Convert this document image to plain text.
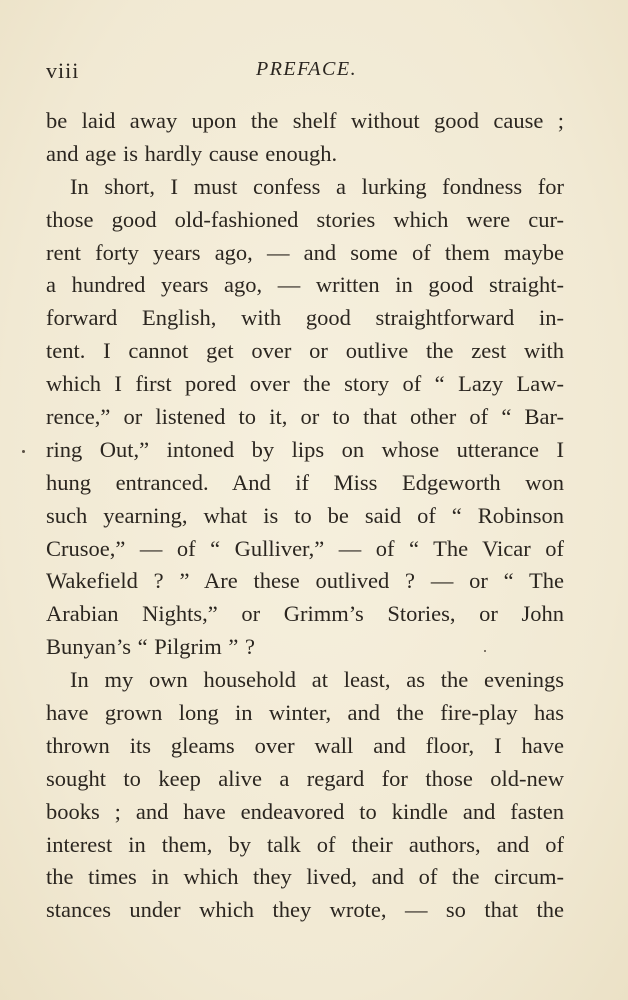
viii	PREFACE.
be laid away upon the shelf without good cause ;
and age is hardly cause enough.
In short, I must confess a lurking fondness for
those good old-fashioned stories which were cur-
rent forty years ago, — and some of them maybe
a hundred years ago, — written in good straight-
forward English, with good straightforward in-
tent. I cannot get over or outlive the zest with
which I first pored over the story of “ Lazy Law-
rence,” or listened to it, or to that other of “ Bar-
ring Out,” intoned by lips on whose utterance I
hung entranced. And if Miss Edgeworth won
such yearning, what is to be said of “ Robinson
Crusoe,” — of “ Gulliver,” — of “ The Vicar of
Wakefield ? ” Are these outlived ? — or “ The
Arabian Nights,” or Grimm’s Stories, or John
Bunyan’s “ Pilgrim ” ?
In my own household at least, as the evenings
have grown long in winter, and the fire-play has
thrown its gleams over wall and floor, I have
sought to keep alive a regard for those old-new
books ; and have endeavored to kindle and fasten
interest in them, by talk of their authors, and of
the times in which they lived, and of the circum-
stances under which they wrote, — so that the
